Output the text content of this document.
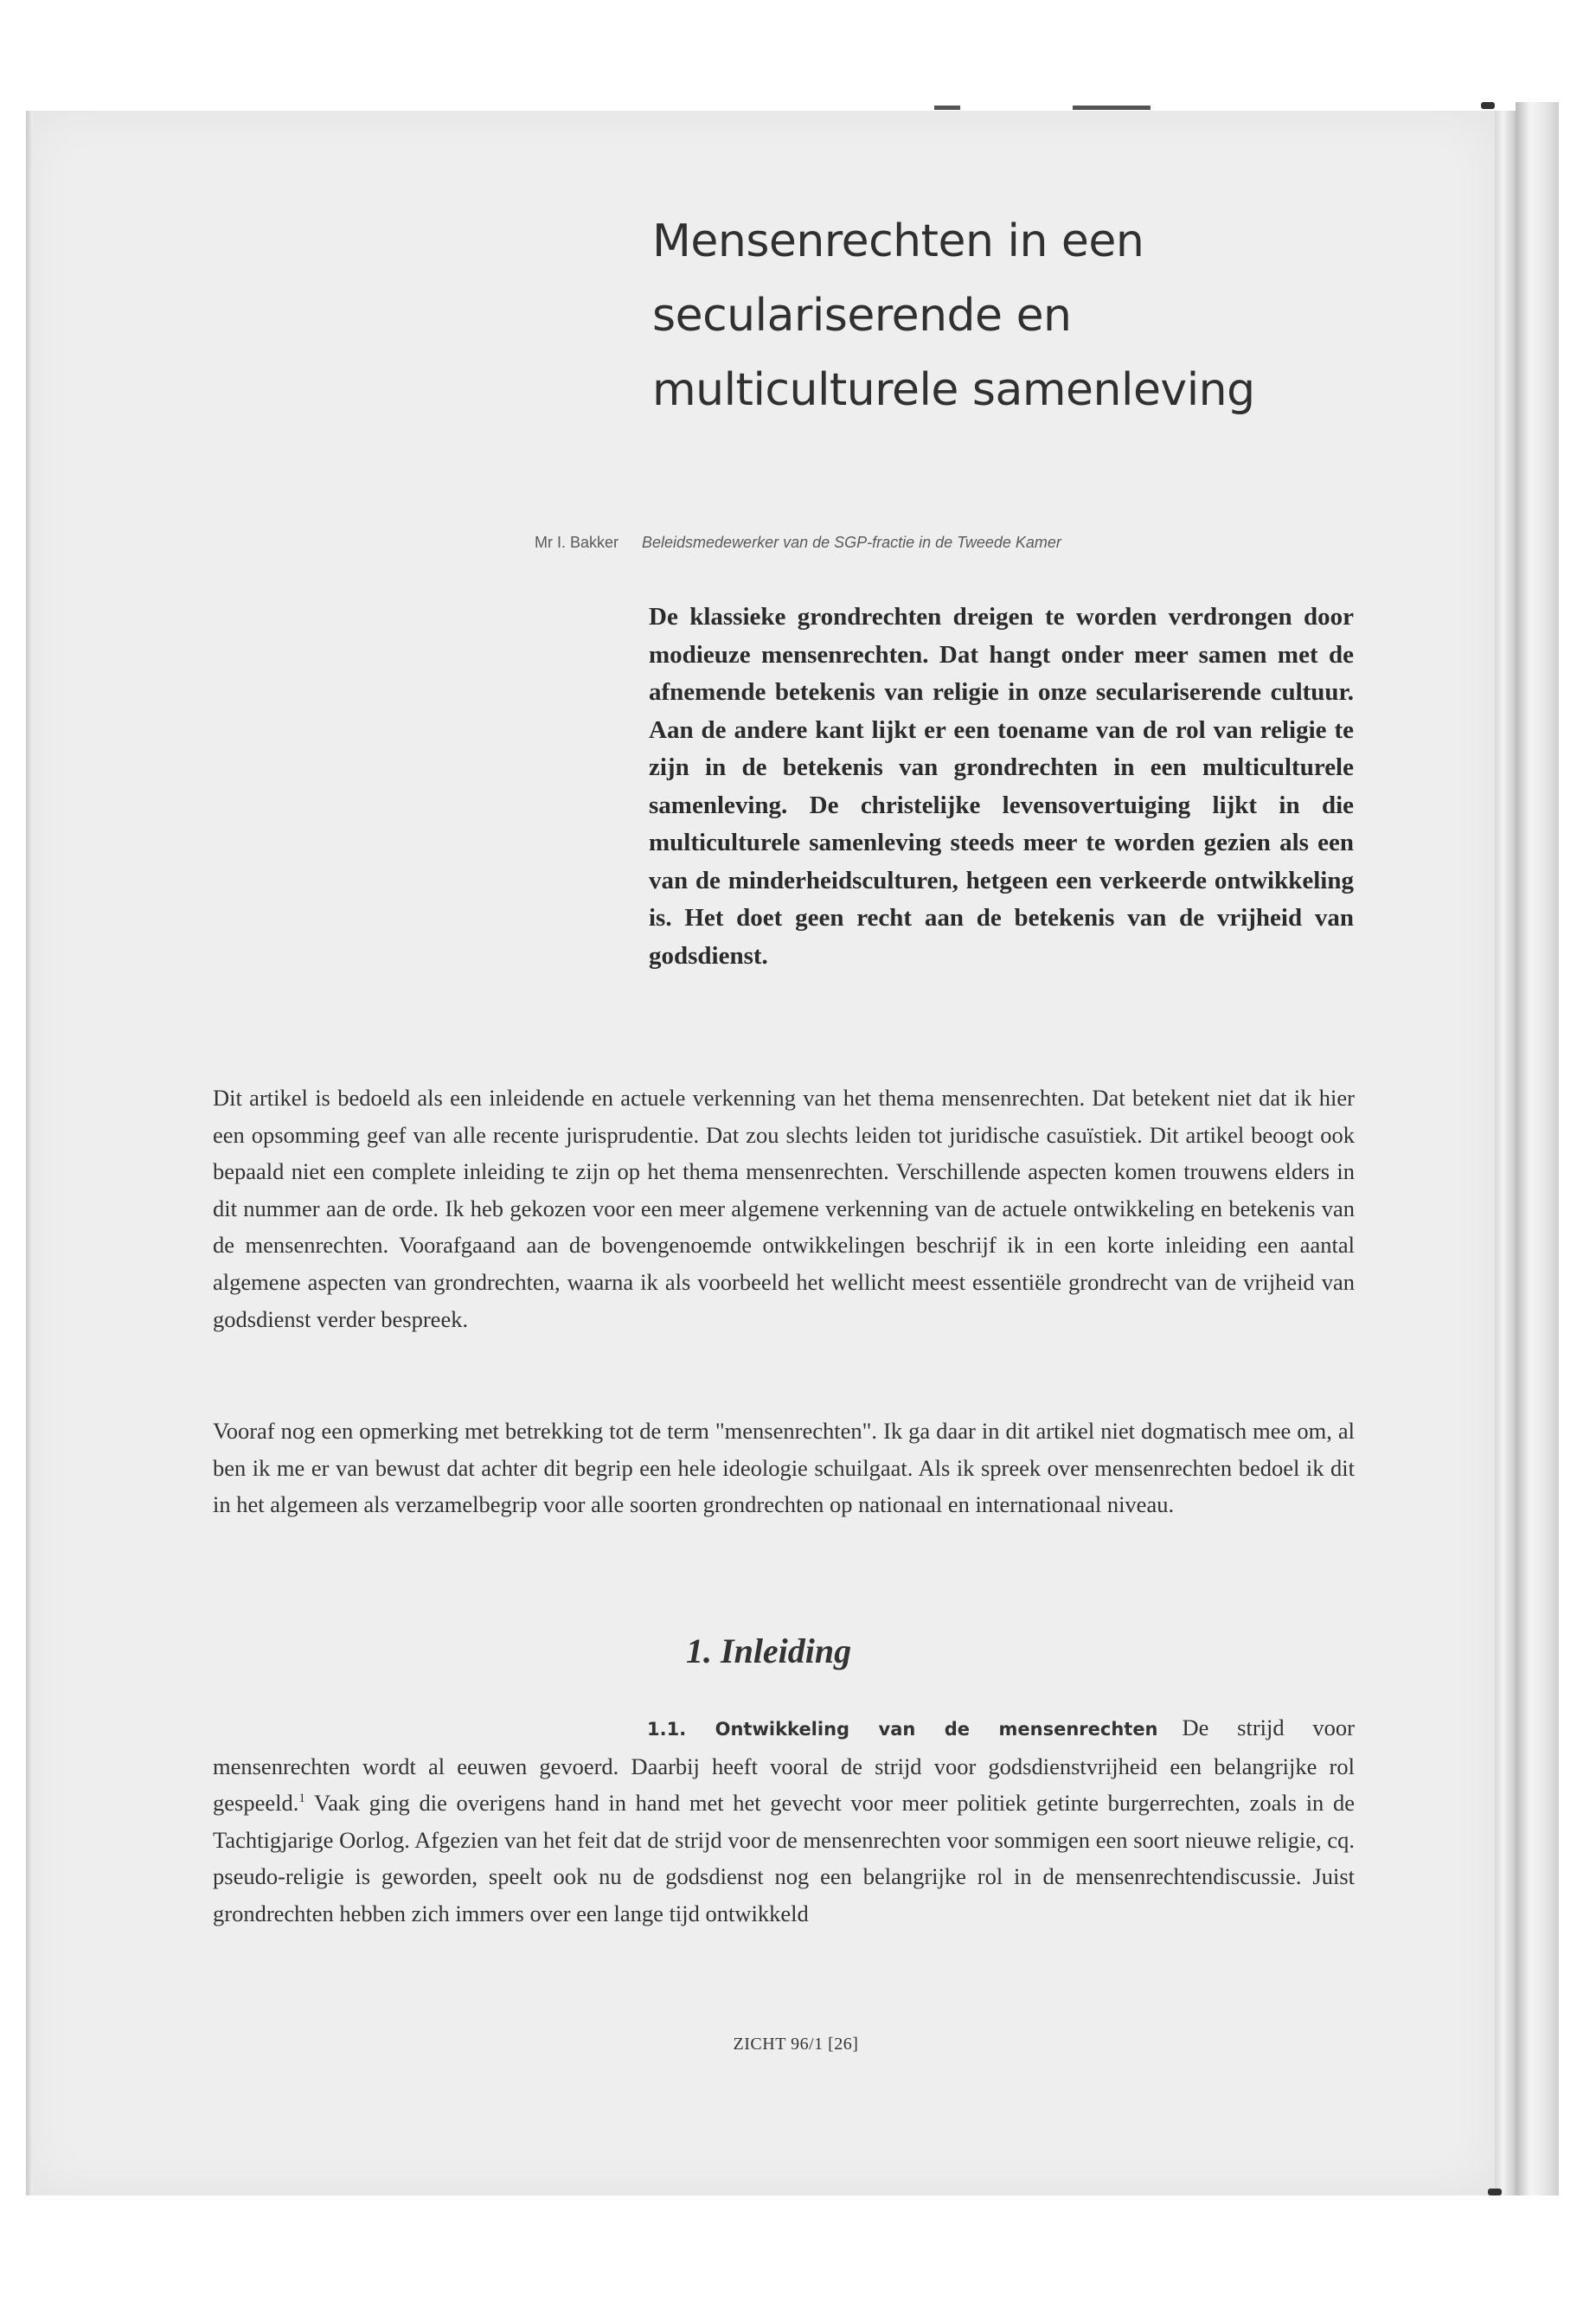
Mensenrechten in een
seculariserende en
multiculturele samenleving
Mr I. Bakker Beleidsmedewerker van de SGP-fractie in de Tweede Kamer
De klassieke grondrechten dreigen te worden verdrongen door modieuze mensenrechten. Dat hangt onder meer samen met de afnemende betekenis van religie in onze seculariserende cultuur. Aan de andere kant lijkt er een toename van de rol van religie te zijn in de betekenis van grondrechten in een multiculturele samenleving. De christelijke levensovertuiging lijkt in die multiculturele samenleving steeds meer te worden gezien als een van de minderheidsculturen, hetgeen een verkeerde ontwikkeling is. Het doet geen recht aan de betekenis van de vrijheid van godsdienst.

Dit artikel is bedoeld als een inleidende en actuele verkenning van het thema mensenrechten. Dat betekent niet dat ik hier een opsomming geef van alle recente jurisprudentie. Dat zou slechts leiden tot juridische casuïstiek. Dit artikel beoogt ook bepaald niet een complete inleiding te zijn op het thema mensenrechten. Verschillende aspecten komen trouwens elders in dit nummer aan de orde. Ik heb gekozen voor een meer algemene verkenning van de actuele ontwikkeling en betekenis van de mensenrechten. Voorafgaand aan de bovengenoemde ontwikkelingen beschrijf ik in een korte inleiding een aantal algemene aspecten van grondrechten, waarna ik als voorbeeld het wellicht meest essentiële grondrecht van de vrijheid van godsdienst verder bespreek.

Vooraf nog een opmerking met betrekking tot de term "mensenrechten". Ik ga daar in dit artikel niet dogmatisch mee om, al ben ik me er van bewust dat achter dit begrip een hele ideologie schuilgaat. Als ik spreek over mensenrechten bedoel ik dit in het algemeen als verzamelbegrip voor alle soorten grondrechten op nationaal en internationaal niveau.

1. Inleiding

1.1. Ontwikkeling van de mensenrechten De strijd voor mensenrechten wordt al eeuwen gevoerd. Daarbij heeft vooral de strijd voor godsdienstvrijheid een belangrijke rol gespeeld.$^1$ Vaak ging die overigens hand in hand met het gevecht voor meer politiek getinte burgerrechten, zoals in de Tachtigjarige Oorlog. Afgezien van het feit dat de strijd voor de mensenrechten voor sommigen een soort nieuwe religie, cq. pseudo-religie is geworden, speelt ook nu de godsdienst nog een belangrijke rol in de mensenrechtendiscussie. Juist grondrechten hebben zich immers over een lange tijd ontwikkeld

ZICHT 96/1 [26]
